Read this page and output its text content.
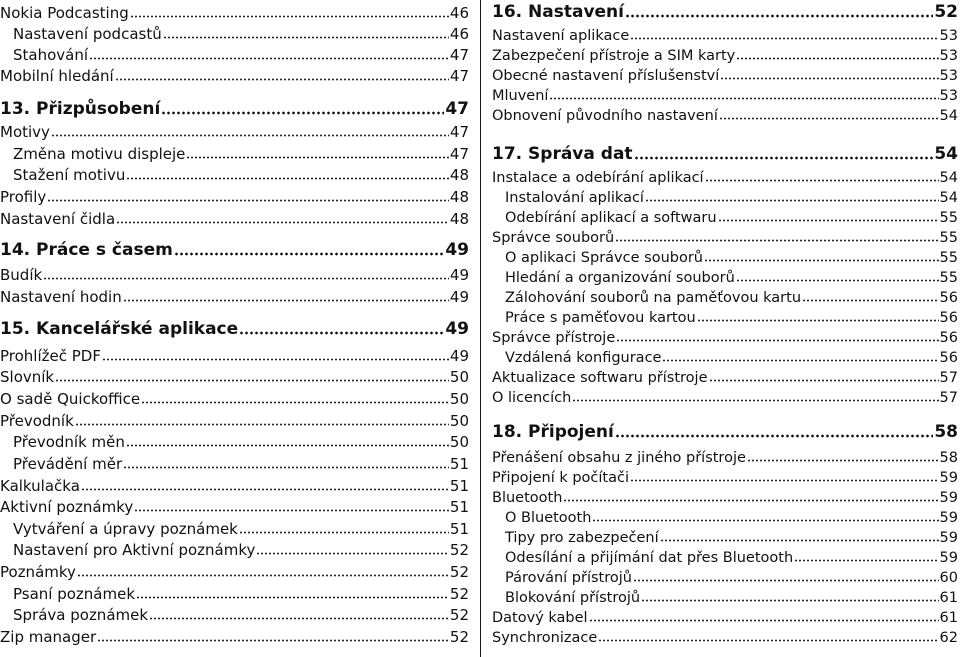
Nokia Podcasting	46
Nastavení podcastů	46
Stahování	47
Mobilní hledání	47
13. Přizpůsobení	47
Motivy	47
Změna motivu displeje	47
Stažení motivu	48
Profily	48
Nastavení čidla	48
14. Práce s časem	49
Budík	49
Nastavení hodin	49
15. Kancelářské aplikace	49
Prohlížeč PDF	49
Slovník	50
O sadě Quickoffice	50
Převodník	50
Převodník měn	50
Převádění měr	51
Kalkulačka	51
Aktivní poznámky	51
Vytváření a úpravy poznámek	51
Nastavení pro Aktivní poznámky	52
Poznámky	52
Psaní poznámek	52
Správa poznámek	52
Zip manager	52
16. Nastavení	52
Nastavení aplikace	53
Zabezpečení přístroje a SIM karty	53
Obecné nastavení příslušenství	53
Mluvení	53
Obnovení původního nastavení	54
17. Správa dat	54
Instalace a odebírání aplikací	54
Instalování aplikací	54
Odebírání aplikací a softwaru	55
Správce souborů	55
O aplikaci Správce souborů	55
Hledání a organizování souborů	55
Zálohování souborů na paměťovou kartu	56
Práce s paměťovou kartou	56
Správce přístroje	56
Vzdálená konfigurace	56
Aktualizace softwaru přístroje	57
O licencích	57
18. Připojení	58
Přenášení obsahu z jiného přístroje	58
Připojení k počítači	59
Bluetooth	59
O Bluetooth	59
Tipy pro zabezpečení	59
Odesílání a přijímání dat přes Bluetooth	59
Párování přístrojů	60
Blokování přístrojů	61
Datový kabel	61
Synchronizace	62
